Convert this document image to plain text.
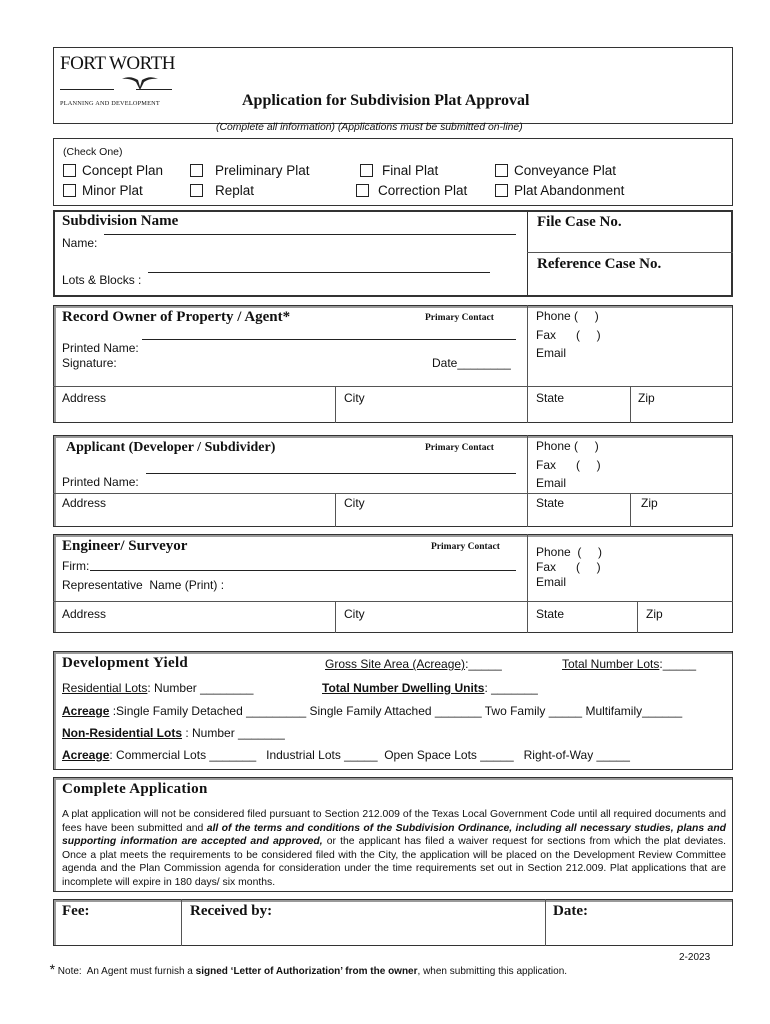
FORT WORTH
PLANNING AND DEVELOPMENT	Application for Subdivision Plat Approval
(Complete all information) (Applications must be submitted on-line)
(Check One)
Concept Plan	Preliminary Plat	Final Plat	Conveyance Plat
Minor Plat	Replat	Correction Plat	Plat Abandonment
Subdivision Name
Name:
Lots & Blocks :
File Case No.
Reference Case No.
Record Owner of Property / Agent*	Primary Contact
Printed Name:
Signature:	Date________
Phone (     )
Fax      (     )
Email
Address	City	State	Zip
Applicant (Developer / Subdivider)	Primary Contact
Printed Name:
Phone (     )
Fax      (     )
Email
Address	City	State	Zip
Engineer/ Surveyor	Primary Contact
Firm:
Representative  Name (Print) :
Phone  (     )
Fax      (     )
Email
Address	City	State	Zip
Development Yield	Gross Site Area (Acreage):_____	Total Number Lots:_____
Residential Lots: Number ________	Total Number Dwelling Units: _______
Acreage :Single Family Detached _________ Single Family Attached _______ Two Family _____ Multifamily______
Non-Residential Lots : Number _______
Acreage: Commercial Lots _______   Industrial Lots _____  Open Space Lots _____   Right-of-Way _____
Complete Application
A plat application will not be considered filed pursuant to Section 212.009 of the Texas Local Government Code until all required documents and fees have been submitted and all of the terms and conditions of the Subdivision Ordinance, including all necessary studies, plans and supporting information are accepted and approved, or the applicant has filed a waiver request for sections from which the plat deviates. Once a plat meets the requirements to be considered filed with the City, the application will be placed on the Development Review Committee agenda and the Plan Commission agenda for consideration under the time requirements set out in Section 212.009. Plat applications that are incomplete will expire in 180 days/ six months.
Fee:	Received by:	Date:

* Note:  An Agent must furnish a signed ‘Letter of Authorization’ from the owner, when submitting this application.

2-2023
